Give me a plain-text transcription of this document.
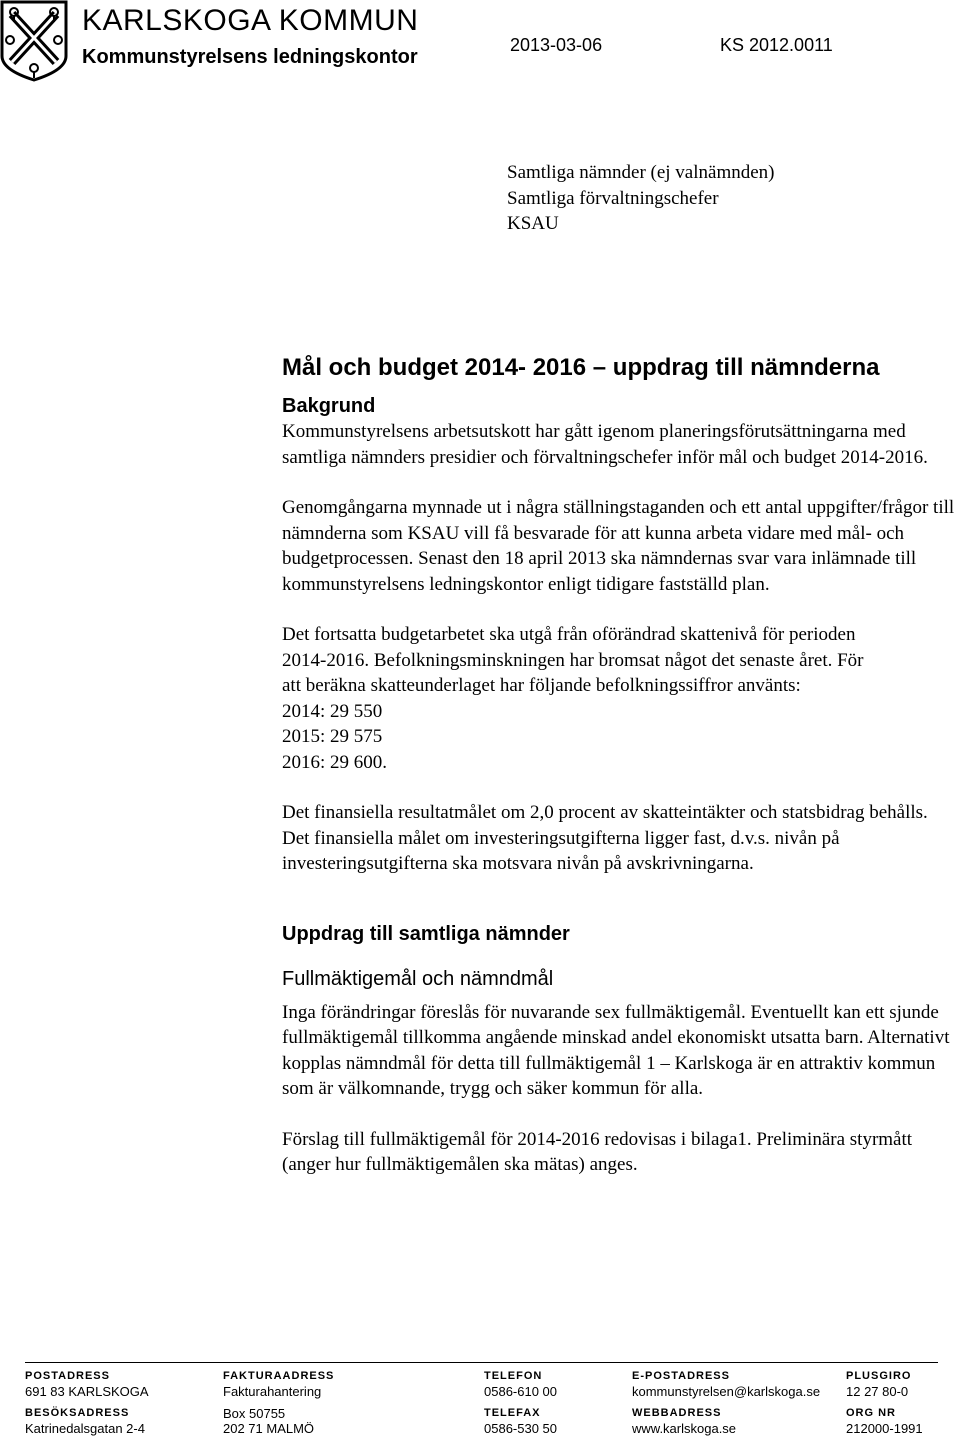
KARLSKOGA KOMMUN
Kommunstyrelsens ledningskontor
2013-03-06	KS 2012.0011
Samtliga nämnder (ej valnämnden)
Samtliga förvaltningschefer
KSAU
Mål och budget 2014- 2016 – uppdrag till nämnderna
Bakgrund

Kommunstyrelsens arbetsutskott har gått igenom planeringsförutsättningarna med samtliga nämnders presidier och förvaltningschefer inför mål och budget 2014-2016.

Genomgångarna mynnade ut i några ställningstaganden och ett antal uppgifter/frågor till nämnderna som KSAU vill få besvarade för att kunna arbeta vidare med mål- och budgetprocessen. Senast den 18 april 2013 ska nämndernas svar vara inlämnade till kommunstyrelsens ledningskontor enligt tidigare fastställd plan.

Det fortsatta budgetarbetet ska utgå från oförändrad skattenivå för perioden
2014-2016. Befolkningsminskningen har bromsat något det senaste året. För
att beräkna skatteunderlaget har följande befolkningssiffror använts:
2014: 29 550
2015: 29 575
2016: 29 600.

Det finansiella resultatmålet om 2,0 procent av skatteintäkter och statsbidrag behålls. Det finansiella målet om investeringsutgifterna ligger fast, d.v.s. nivån på investeringsutgifterna ska motsvara nivån på avskrivningarna.

Uppdrag till samtliga nämnder
Fullmäktigemål och nämndmål

Inga förändringar föreslås för nuvarande sex fullmäktigemål. Eventuellt kan ett sjunde fullmäktigemål tillkomma angående minskad andel ekonomiskt utsatta barn. Alternativt kopplas nämndmål för detta till fullmäktigemål 1 – Karlskoga är en attraktiv kommun som är välkomnande, trygg och säker kommun för alla.

Förslag till fullmäktigemål för 2014-2016 redovisas i bilaga1. Preliminära styrmått (anger hur fullmäktigemålen ska mätas) anges.

POSTADRESS
691 83 KARLSKOGA
BESÖKSADRESS
Katrinedalsgatan 2-4
FAKTURAADRESS
Fakturahantering
Box 50755
202 71 MALMÖ
TELEFON
0586-610 00
TELEFAX
0586-530 50
E-POSTADRESS
kommunstyrelsen@karlskoga.se
WEBBADRESS
www.karlskoga.se
PLUSGIRO
12 27 80-0
ORG NR
212000-1991
